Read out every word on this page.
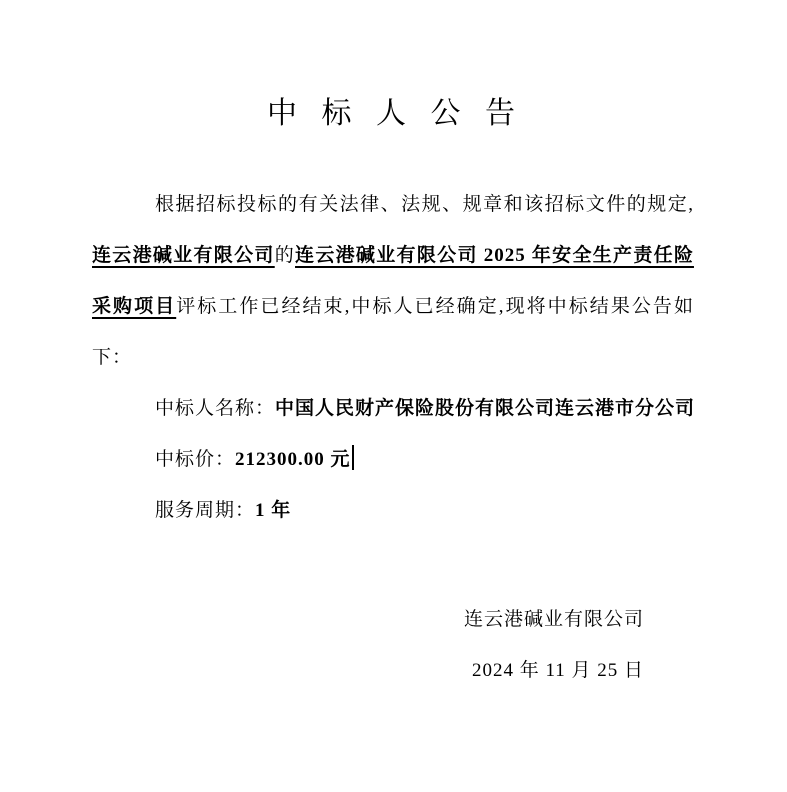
中 标 人 公 告

根据招标投标的有关法律、法规、规章和该招标文件的规定,连云港碱业有限公司的连云港碱业有限公司 2025 年安全生产责任险采购项目评标工作已经结束,中标人已经确定,现将中标结果公告如下：

中标人名称：中国人民财产保险股份有限公司连云港市分公司
中标价：212300.00 元
服务周期：1 年
连云港碱业有限公司
2024 年 11 月 25 日
